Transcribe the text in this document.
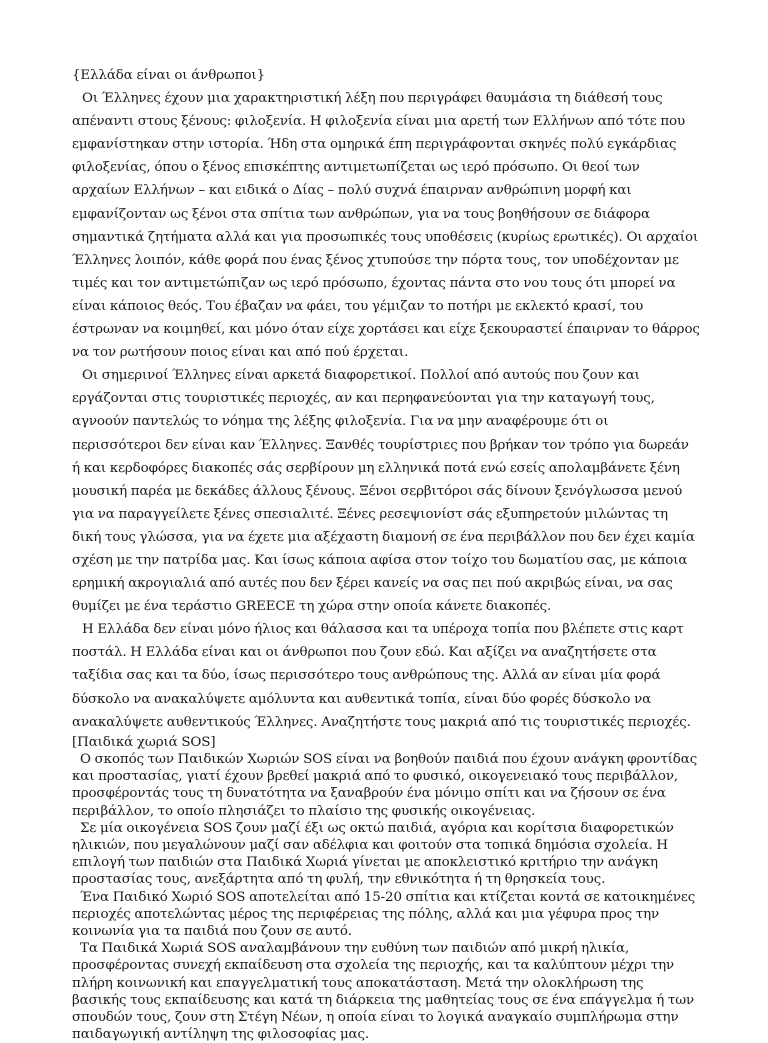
{Ελλάδα είναι οι άνθρωποι}

Οι Έλληνες έχουν μια χαρακτηριστική λέξη που περιγράφει θαυμάσια τη διάθεσή τους απέναντι στους ξένους: φιλοξενία. Η φιλοξενία είναι μια αρετή των Ελλήνων από τότε που εμφανίστηκαν στην ιστορία. Ήδη στα ομηρικά έπη περιγράφονται σκηνές πολύ εγκάρδιας φιλοξενίας, όπου ο ξένος επισκέπτης αντιμετωπίζεται ως ιερό πρόσωπο. Οι θεοί των αρχαίων Ελλήνων – και ειδικά ο Δίας – πολύ συχνά έπαιρναν ανθρώπινη μορφή και εμφανίζονταν ως ξένοι στα σπίτια των ανθρώπων, για να τους βοηθήσουν σε διάφορα σημαντικά ζητήματα αλλά και για προσωπικές τους υποθέσεις (κυρίως ερωτικές). Οι αρχαίοι Έλληνες λοιπόν, κάθε φορά που ένας ξένος χτυπούσε την πόρτα τους, τον υποδέχονταν με τιμές και τον αντιμετώπιζαν ως ιερό πρόσωπο, έχοντας πάντα στο νου τους ότι μπορεί να είναι κάποιος θεός. Του έβαζαν να φάει, του γέμιζαν το ποτήρι με εκλεκτό κρασί, του έστρωναν να κοιμηθεί, και μόνο όταν είχε χορτάσει και είχε ξεκουραστεί έπαιρναν το θάρρος να τον ρωτήσουν ποιος είναι και από πού έρχεται.

Οι σημερινοί Έλληνες είναι αρκετά διαφορετικοί. Πολλοί από αυτούς που ζουν και εργάζονται στις τουριστικές περιοχές, αν και περηφανεύονται για την καταγωγή τους, αγνοούν παντελώς το νόημα της λέξης φιλοξενία. Για να μην αναφέρουμε ότι οι περισσότεροι δεν είναι καν Έλληνες. Ξανθές τουρίστριες που βρήκαν τον τρόπο για δωρεάν ή και κερδοφόρες διακοπές σάς σερβίρουν μη ελληνικά ποτά ενώ εσείς απολαμβάνετε ξένη μουσική παρέα με δεκάδες άλλους ξένους. Ξένοι σερβιτόροι σάς δίνουν ξενόγλωσσα μενού για να παραγγείλετε ξένες σπεσιαλιτέ. Ξένες ρεσεψιονίστ σάς εξυπηρετούν μιλώντας τη δική τους γλώσσα, για να έχετε μια αξέχαστη διαμονή σε ένα περιβάλλον που δεν έχει καμία σχέση με την πατρίδα μας. Και ίσως κάποια αφίσα στον τοίχο του δωματίου σας, με κάποια ερημική ακρογιαλιά από αυτές που δεν ξέρει κανείς να σας πει πού ακριβώς είναι, να σας θυμίζει με ένα τεράστιο GREECE τη χώρα στην οποία κάνετε διακοπές.

Η Ελλάδα δεν είναι μόνο ήλιος και θάλασσα και τα υπέροχα τοπία που βλέπετε στις καρτ ποστάλ. Η Ελλάδα είναι και οι άνθρωποι που ζουν εδώ. Και αξίζει να αναζητήσετε στα ταξίδια σας και τα δύο, ίσως περισσότερο τους ανθρώπους της. Αλλά αν είναι μία φορά δύσκολο να ανακαλύψετε αμόλυντα και αυθεντικά τοπία, είναι δύο φορές δύσκολο να ανακαλύψετε αυθεντικούς Έλληνες. Αναζητήστε τους μακριά από τις τουριστικές περιοχές.

[Παιδικά χωριά SOS]

Ο σκοπός των Παιδικών Χωριών SOS είναι να βοηθούν παιδιά που έχουν ανάγκη φροντίδας και προστασίας, γιατί έχουν βρεθεί μακριά από το φυσικό, οικογενειακό τους περιβάλλον, προσφέροντάς τους τη δυνατότητα να ξαναβρούν ένα μόνιμο σπίτι και να ζήσουν σε ένα περιβάλλον, το οποίο πλησιάζει το πλαίσιο της φυσικής οικογένειας.

Σε μία οικογένεια SOS ζουν μαζί έξι ως οκτώ παιδιά, αγόρια και κορίτσια διαφορετικών ηλικιών, που μεγαλώνουν μαζί σαν αδέλφια και φοιτούν στα τοπικά δημόσια σχολεία. Η επιλογή των παιδιών στα Παιδικά Χωριά γίνεται με αποκλειστικό κριτήριο την ανάγκη προστασίας τους, ανεξάρτητα από τη φυλή, την εθνικότητα ή τη θρησκεία τους.

Ένα Παιδικό Χωριό SOS αποτελείται από 15-20 σπίτια και κτίζεται κοντά σε κατοικημένες περιοχές αποτελώντας μέρος της περιφέρειας της πόλης, αλλά και μια γέφυρα προς την κοινωνία για τα παιδιά που ζουν σε αυτό.

Τα Παιδικά Χωριά SOS αναλαμβάνουν την ευθύνη των παιδιών από μικρή ηλικία, προσφέροντας συνεχή εκπαίδευση στα σχολεία της περιοχής, και τα καλύπτουν μέχρι την πλήρη κοινωνική και επαγγελματική τους αποκατάσταση. Μετά την ολοκλήρωση της βασικής τους εκπαίδευσης και κατά τη διάρκεια της μαθητείας τους σε ένα επάγγελμα ή των σπουδών τους, ζουν στη Στέγη Νέων, η οποία είναι το λογικά αναγκαίο συμπλήρωμα στην παιδαγωγική αντίληψη της φιλοσοφίας μας.
